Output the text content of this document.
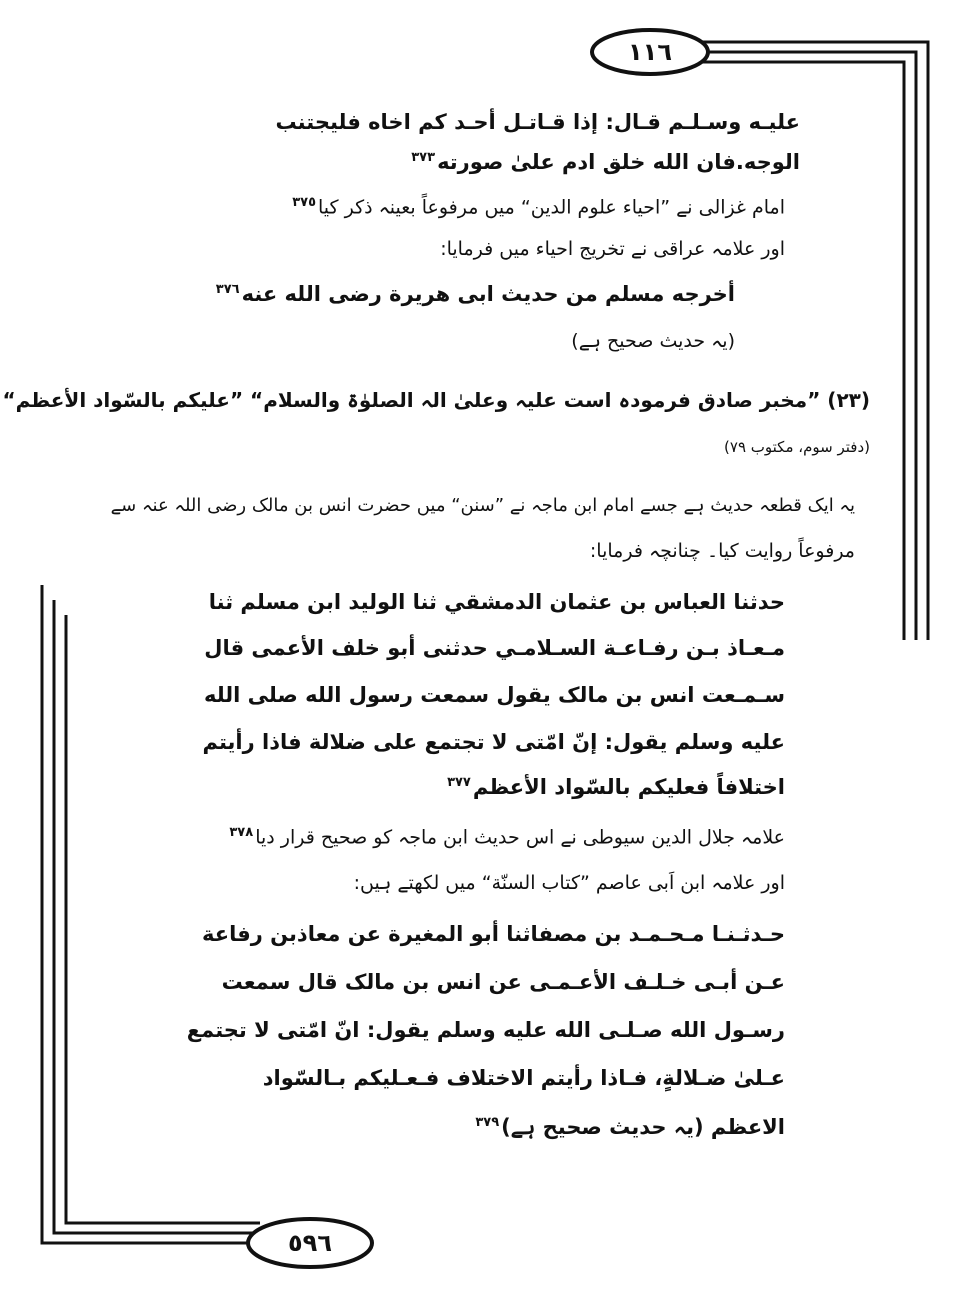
١١٦
٥٩٦
علیـه وسـلـم قـال: إذا قـاتـل أحـد كم اخاه فليجتنب
الوجه.فان الله خلق ادم علیٰ صورته$^{٣٧٣}$
امام غزالی نے ”احیاء علوم الدین“ میں مرفوعاً بعینہ ذکر کیا$^{٣٧٥}$
اور علامہ عراقی نے تخریج احیاء میں فرمایا:
أخرجه مسلم من حديث ابى هريرة رضى الله عنه$^{٣٧٦}$
(یہ حدیث صحیح ہے)
(٢٣) ”مخبر صادق فرمودہ است علیہ وعلیٰ الہ الصلوٰۃ والسلام“ ”عليكم بالسّواد الأعظم“
(دفتر سوم، مکتوب ٧٩)
یہ ایک قطعہ حدیث ہے جسے امام ابن ماجہ نے ”سنن“ میں حضرت انس بن مالک رضی اللہ عنہ سے
مرفوعاً روایت کیا۔ چنانچہ فرمایا:
حدثنا العباس بن عثمان الدمشقي ثنا الوليد ابن مسلم ثنا
مـعـاذ بـن رفـاعـة السـلامـي حدثنى أبو خلف الأعمى قال
سـمـعت انس بن مالک يقول سمعت رسول الله صلى الله
عليه وسلم يقول: إنّ امّتى لا تجتمع على ضلالة فاذا رأيتم
اختلافاً فعليكم بالسّواد الأعظم$^{٣٧٧}$
علامہ جلال الدین سیوطی نے اس حدیث ابن ماجہ کو صحیح قرار دیا$^{٣٧٨}$
اور علامہ ابن اَبی عاصم ”كتاب السنّة“ میں لکھتے ہیں:
حـدثـنـا مـحـمـد بن مصفاثنا أبو المغيرة عن معاذبن رفاعة
عـن أبـى خـلـف الأعـمـى عن انس بن مالک قال سمعت
رسـول الله صـلـى الله عليه وسلم يقول: انّ امّتى لا تجتمع
عـلىٰ ضـلالةٍ، فـاذا رأيتم الاختلاف فـعـليكم بـالسّواد
الاعظم (یہ حدیث صحیح ہے)$^{٣٧٩}$
